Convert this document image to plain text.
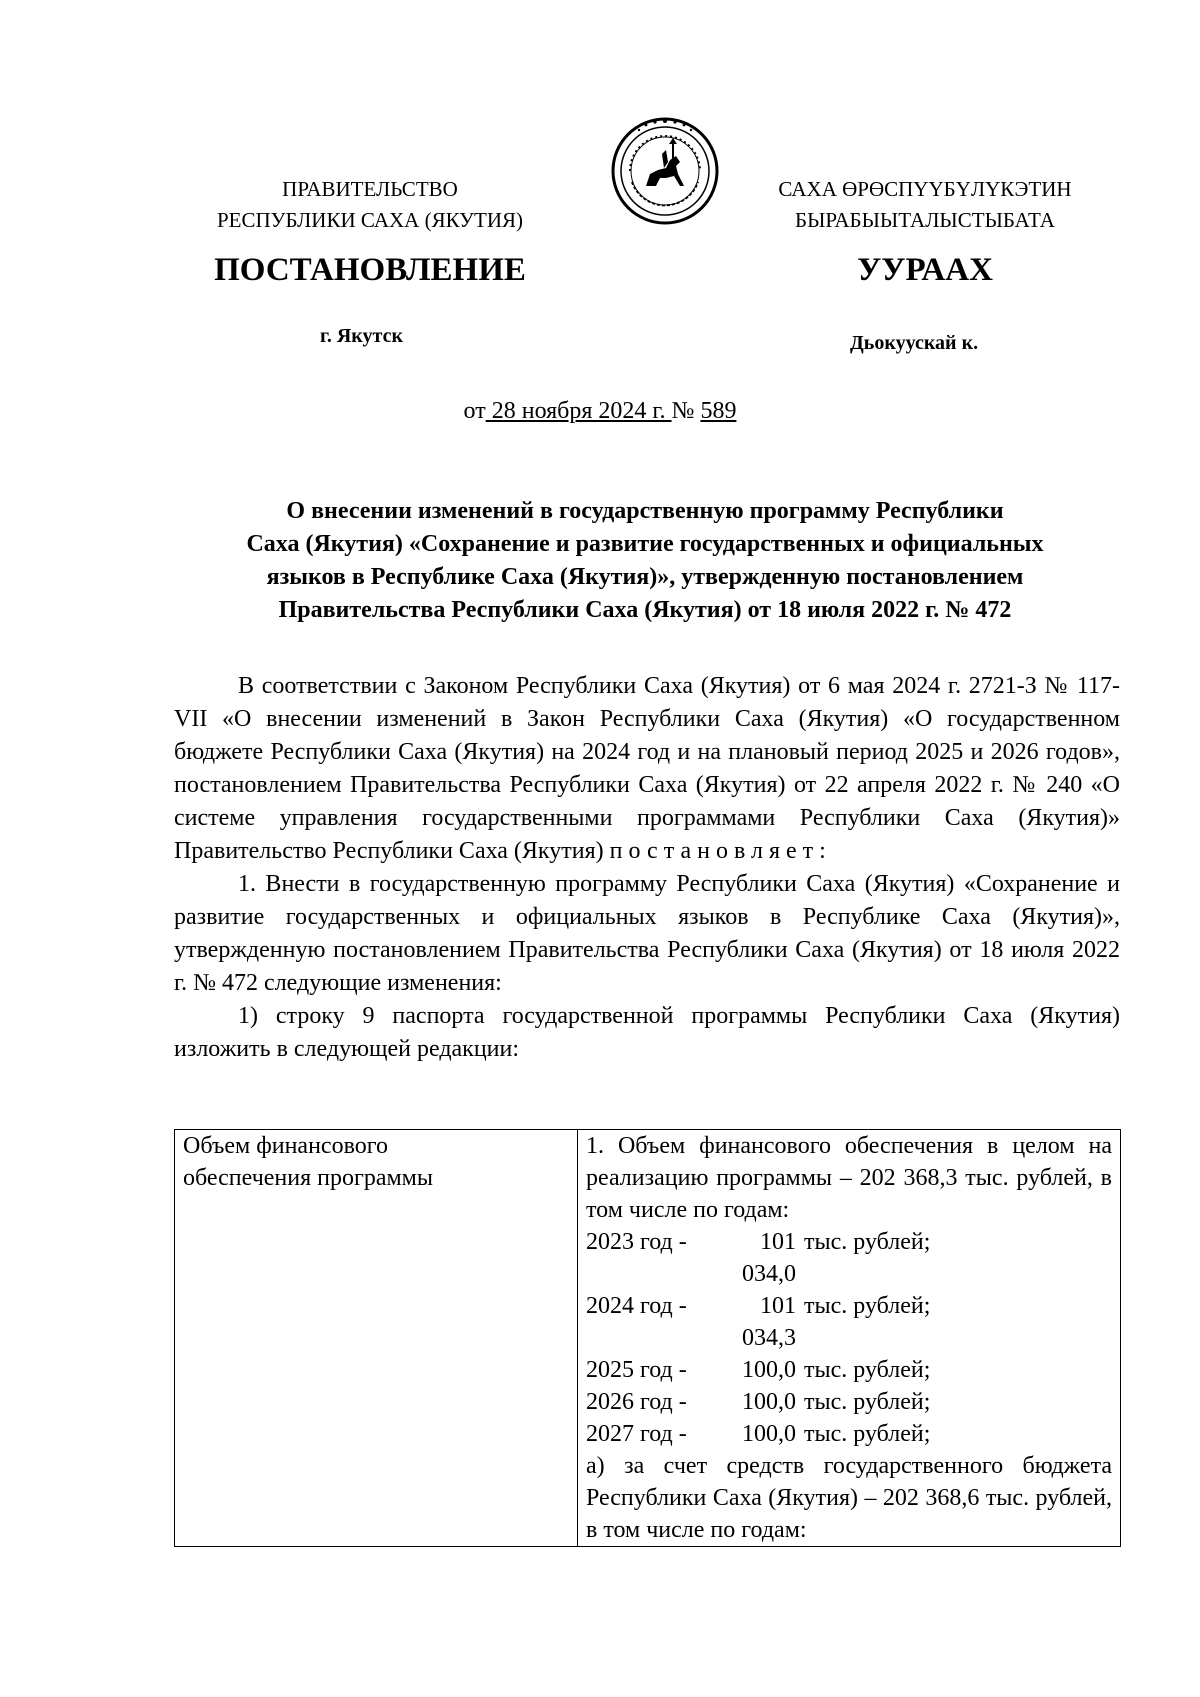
ПРАВИТЕЛЬСТВО
РЕСПУБЛИКИ САХА (ЯКУТИЯ)
САХА ӨРӨСПҮҮБҮЛҮКЭТИН
БЫРАБЫЫТАЛЫСТЫБАТА
ПОСТАНОВЛЕНИЕ	УУРААХ
г. Якутск	Дьокуускай к.
от 28 ноября 2024 г. № 589
О внесении изменений в государственную программу Республики
Саха (Якутия) «Сохранение и развитие государственных и официальных
языков в Республике Саха (Якутия)», утвержденную постановлением
Правительства Республики Саха (Якутия) от 18 июля 2022 г. № 472

В соответствии с Законом Республики Саха (Якутия) от 6 мая 2024 г. 2721-З № 117-VII «О внесении изменений в Закон Республики Саха (Якутия) «О государственном бюджете Республики Саха (Якутия) на 2024 год и на плановый период 2025 и 2026 годов», постановлением Правительства Республики Саха (Якутия) от 22 апреля 2022 г. № 240 «О системе управления государственными программами Республики Саха (Якутия)» Правительство Республики Саха (Якутия) постановляет:

1. Внести в государственную программу Республики Саха (Якутия) «Сохранение и развитие государственных и официальных языков в Республике Саха (Якутия)», утвержденную постановлением Правительства Республики Саха (Якутия) от 18 июля 2022 г. № 472 следующие изменения:

1) строку 9 паспорта государственной программы Республики Саха (Якутия) изложить в следующей редакции:

Объем финансового
обеспечения программы

1. Объем финансового обеспечения в целом на реализацию программы – 202 368,3 тыс. рублей, в том числе по годам:
2023 год -	101 034,0
тыс. рублей;
2024 год -	101 034,3
тыс. рублей;
2025 год -	100,0 тыс. рублей;
2026 год -	100,0 тыс. рублей;
2027 год -	100,0 тыс. рублей;
а) за счет средств государственного бюджета Республики Саха (Якутия) – 202 368,6 тыс. рублей, в том числе по годам:
